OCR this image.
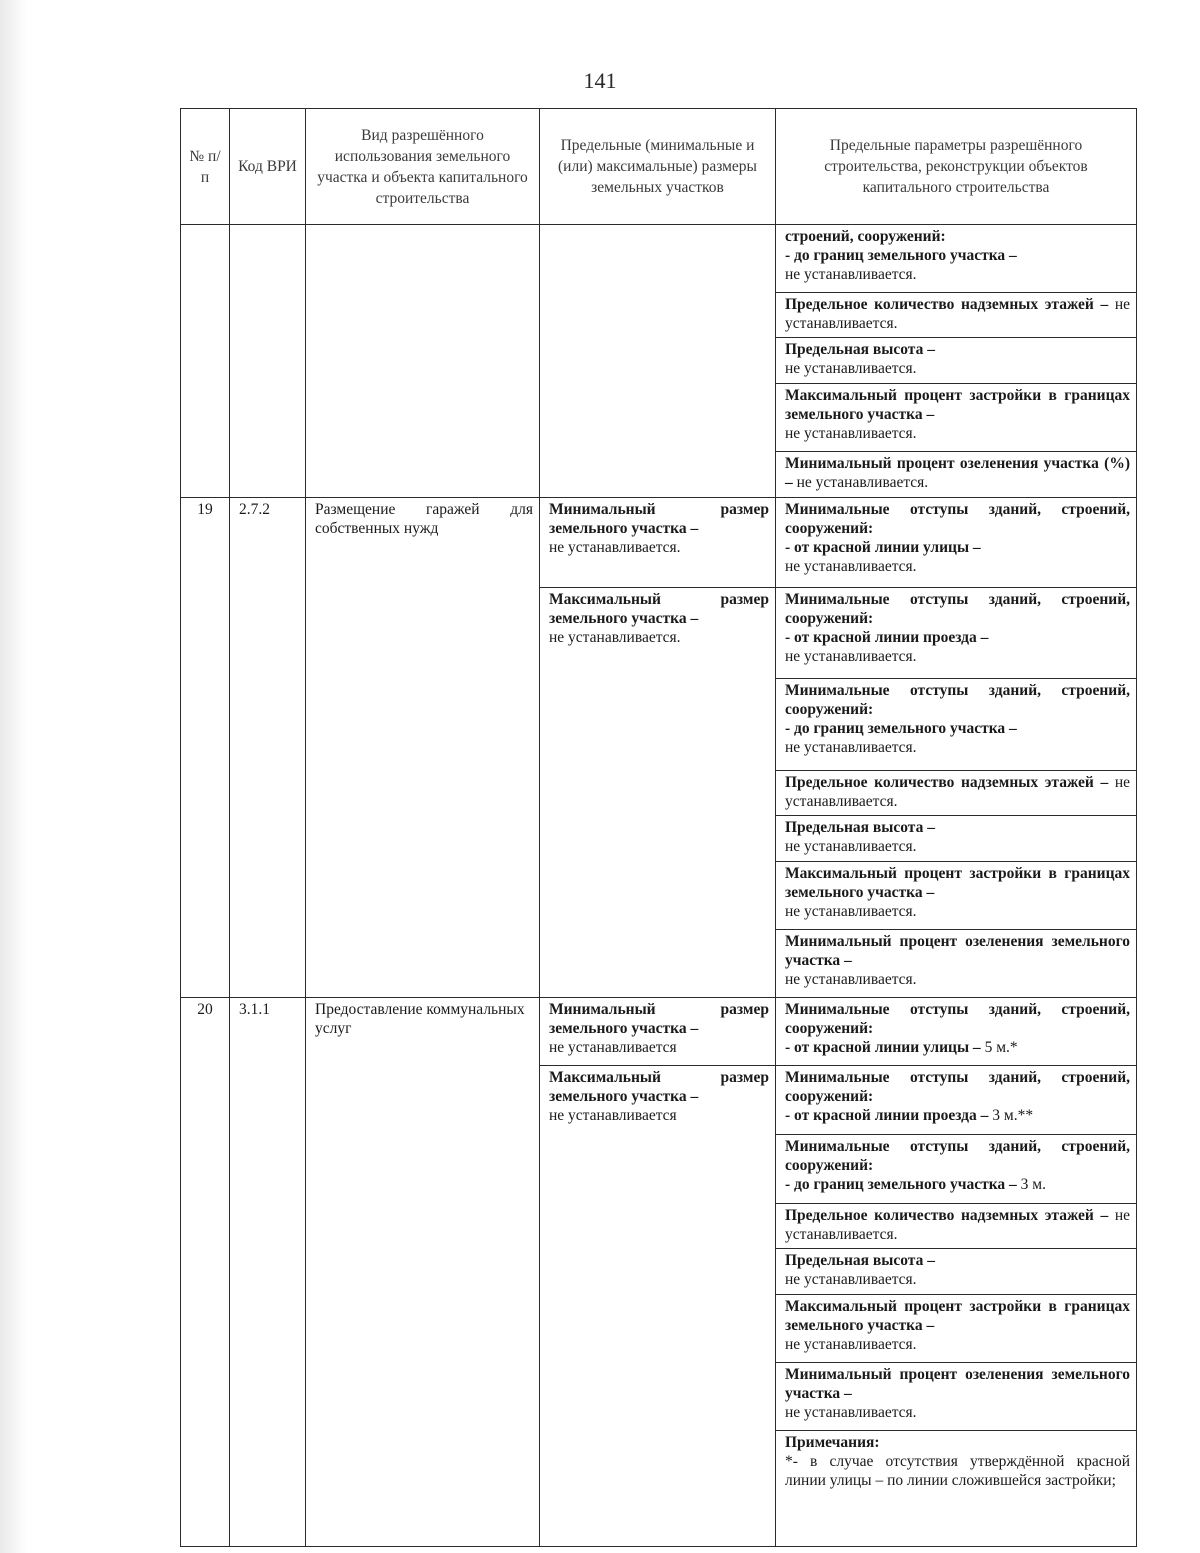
141
№ п/п	Код ВРИ	Вид разрешённого использования земельного участка и объекта капитального строительства	Предельные (минимальные и (или) максимальные) размеры земельных участков	Предельные параметры разрешённого строительства, реконструкции объектов капитального строительства
				строений, сооружений:
- до границ земельного участка –
не устанавливается.
				Предельное количество надземных этажей – не устанавливается.
				Предельная высота –
не устанавливается.
				Максимальный процент застройки в границах земельного участка –
не устанавливается.
				Минимальный процент озеленения участка (%) – не устанавливается.
19	2.7.2	Размещение гаражей для собственных нужд	Минимальный размер земельного участка –
не устанавливается.	Минимальные отступы зданий, строений, сооружений:
- от красной линии улицы –
не устанавливается.
			Максимальный размер земельного участка –
не устанавливается.	Минимальные отступы зданий, строений, сооружений:
- от красной линии проезда –
не устанавливается.
				Минимальные отступы зданий, строений, сооружений:
- до границ земельного участка –
не устанавливается.
				Предельное количество надземных этажей – не устанавливается.
				Предельная высота –
не устанавливается.
				Максимальный процент застройки в границах земельного участка –
не устанавливается.
				Минимальный процент озеленения земельного участка –
не устанавливается.
20	3.1.1	Предоставление коммунальных услуг	Минимальный размер земельного участка –
не устанавливается	Минимальные отступы зданий, строений, сооружений:
- от красной линии улицы – 5 м.*
			Максимальный размер земельного участка –
не устанавливается	Минимальные отступы зданий, строений, сооружений:
- от красной линии проезда – 3 м.**
				Минимальные отступы зданий, строений, сооружений:
- до границ земельного участка – 3 м.
				Предельное количество надземных этажей – не устанавливается.
				Предельная высота –
не устанавливается.
				Максимальный процент застройки в границах земельного участка –
не устанавливается.
				Минимальный процент озеленения земельного участка –
не устанавливается.
				Примечания:
*- в случае отсутствия утверждённой красной линии улицы – по линии сложившейся застройки;
